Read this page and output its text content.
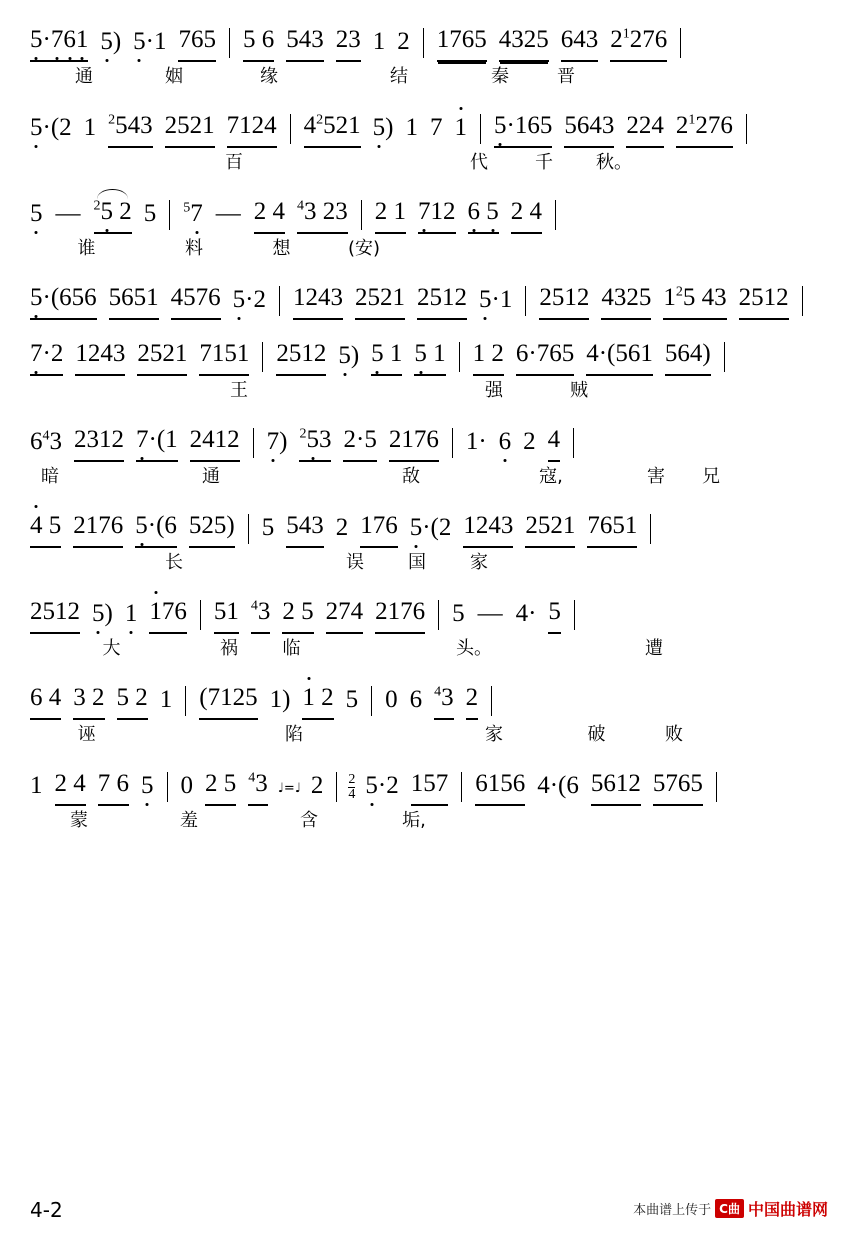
5·761 5) 5·1 765 5 6 543 23 1 2 1765 4325 643 $2^1276$
通	姻	缘	结	秦	晋
5·(2 1 $^2$543 2521 7124 $4^2521$ 5) 1 7 1 5·165 5643 224 $2^1276$
百	代	千	秋。
5 — $^2$5 2 5 $^5$7 — 2 4 $^4$3 23 2 1 712 6 5 2 4
谁	料	想	(安)
5·(656 5651 4576 5·2 1243 2521 2512 5·1 2512 4325 $1^25$ 43 2512
7·2 1243 2521 7151 2512 5) 5 1 5 1 1 2 6·765 4·(561 564)
王	强	贼
$6^43$ 2312 7·(1 2412 7) $^2$53 2·5 2176 1· 6 2 4
暗	通	敌	寇,	害	兄
4 5 2176 5·(6 525) 5 543 2 176 5·(2 1243 2521 7651
长	误	国	家
2512 5) 1 176 51 $^4$3 2 5 274 2176 5 — 4· 5
大	祸	临	头。	遭
6 4 3 2 5 2 1 (7125 1) 1 2 5 0 6 $^4$3 2
诬	陷	家	破	败
1 2 4 7 6 5 0 2 5 $^4$3 ♩=♩ 2 2
4 5·2 157 6156 4·(6 5612 5765
蒙	羞	含	垢,
4-2	本曲谱上传于 C曲 中国曲谱网
